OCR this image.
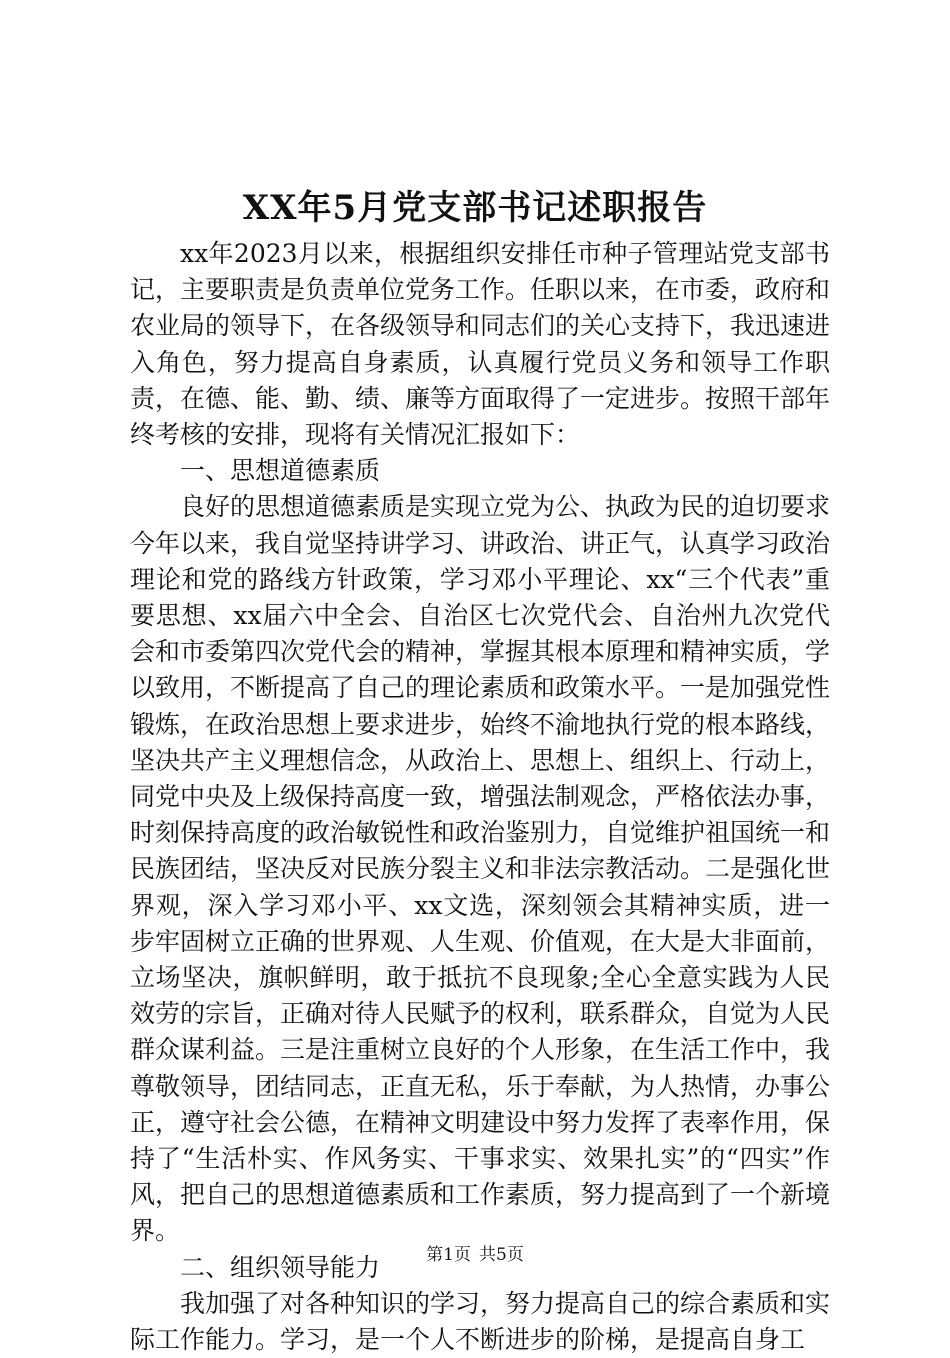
XX年5月党支部书记述职报告

xx年2023月以来，根据组织安排任市种子管理站党支部书记，主要职责是负责单位党务工作。任职以来，在市委，政府和农业局的领导下，在各级领导和同志们的关心支持下，我迅速进入角色，努力提高自身素质，认真履行党员义务和领导工作职责，在德、能、勤、绩、廉等方面取得了一定进步。按照干部年终考核的安排，现将有关情况汇报如下：

一、思想道德素质

良好的思想道德素质是实现立党为公、执政为民的迫切要求今年以来，我自觉坚持讲学习、讲政治、讲正气，认真学习政治理论和党的路线方针政策，学习邓小平理论、xx“三个代表”重要思想、xx届六中全会、自治区七次党代会、自治州九次党代会和市委第四次党代会的精神，掌握其根本原理和精神实质，学以致用，不断提高了自己的理论素质和政策水平。一是加强党性锻炼，在政治思想上要求进步，始终不渝地执行党的根本路线，坚决共产主义理想信念，从政治上、思想上、组织上、行动上，同党中央及上级保持高度一致，增强法制观念，严格依法办事，时刻保持高度的政治敏锐性和政治鉴别力，自觉维护祖国统一和民族团结，坚决反对民族分裂主义和非法宗教活动。二是强化世界观，深入学习邓小平、xx文选，深刻领会其精神实质，进一步牢固树立正确的世界观、人生观、价值观，在大是大非面前，立场坚决，旗帜鲜明，敢于抵抗不良现象;全心全意实践为人民效劳的宗旨，正确对待人民赋予的权利，联系群众，自觉为人民群众谋利益。三是注重树立良好的个人形象，在生活工作中，我尊敬领导，团结同志，正直无私，乐于奉献，为人热情，办事公正，遵守社会公德，在精神文明建设中努力发挥了表率作用，保持了“生活朴实、作风务实、干事求实、效果扎实”的“四实”作风，把自己的思想道德素质和工作素质，努力提高到了一个新境界。

二、组织领导能力

我加强了对各种知识的学习，努力提高自己的综合素质和实际工作能力。学习，是一个人不断进步的阶梯，是提高自身工

第1页 共5页
